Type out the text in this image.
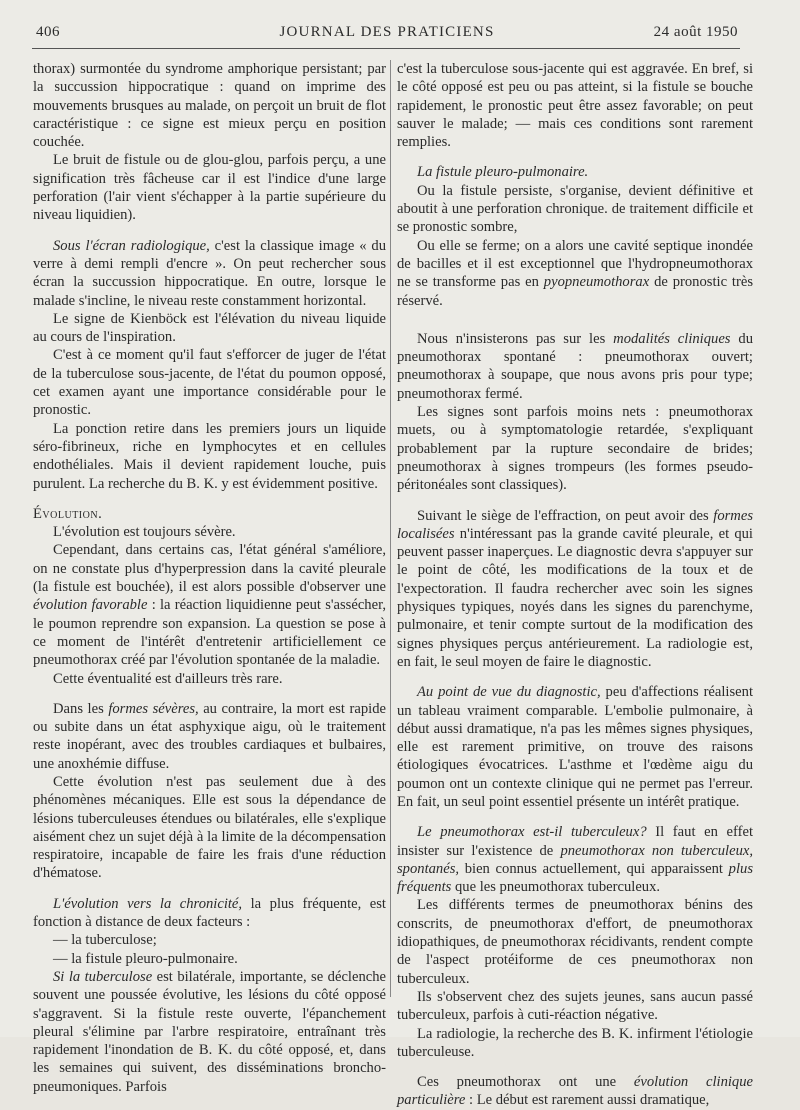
406	JOURNAL DES PRATICIENS	24 août 1950

thorax) surmontée du syndrome amphorique persistant; par la succussion hippocratique : quand on imprime des mouvements brusques au malade, on perçoit un bruit de flot caractéristique : ce signe est mieux perçu en position couchée.

Le bruit de fistule ou de glou-glou, parfois perçu, a une signification très fâcheuse car il est l'indice d'une large perforation (l'air vient s'échapper à la partie supérieure du niveau liquidien).

Sous l'écran radiologique, c'est la classique image « du verre à demi rempli d'encre ». On peut rechercher sous écran la succussion hippocratique. En outre, lorsque le malade s'incline, le niveau reste constamment horizontal.

Le signe de Kienböck est l'élévation du niveau liquide au cours de l'inspiration.

C'est à ce moment qu'il faut s'efforcer de juger de l'état de la tuberculose sous-jacente, de l'état du poumon opposé, cet examen ayant une importance considérable pour le pronostic.

La ponction retire dans les premiers jours un liquide séro-fibrineux, riche en lymphocytes et en cellules endothéliales. Mais il devient rapidement louche, puis purulent. La recherche du B. K. y est évidemment positive.

Évolution.

L'évolution est toujours sévère.

Cependant, dans certains cas, l'état général s'améliore, on ne constate plus d'hyperpression dans la cavité pleurale (la fistule est bouchée), il est alors possible d'observer une évolution favorable : la réaction liquidienne peut s'assécher, le poumon reprendre son expansion. La question se pose à ce moment de l'intérêt d'entretenir artificiellement ce pneumothorax créé par l'évolution spontanée de la maladie.

Cette éventualité est d'ailleurs très rare.

Dans les formes sévères, au contraire, la mort est rapide ou subite dans un état asphyxique aigu, où le traitement reste inopérant, avec des troubles cardiaques et bulbaires, une anoxhémie diffuse.

Cette évolution n'est pas seulement due à des phénomènes mécaniques. Elle est sous la dépendance de lésions tuberculeuses étendues ou bilatérales, elle s'explique aisément chez un sujet déjà à la limite de la décompensation respiratoire, incapable de faire les frais d'une réduction d'hématose.

L'évolution vers la chronicité, la plus fréquente, est fonction à distance de deux facteurs :

— la tuberculose;

— la fistule pleuro-pulmonaire.

Si la tuberculose est bilatérale, importante, se déclenche souvent une poussée évolutive, les lésions du côté opposé s'aggravent. Si la fistule reste ouverte, l'épanchement pleural s'élimine par l'arbre respiratoire, entraînant très rapidement l'inondation de B. K. du côté opposé, et, dans les semaines qui suivent, des disséminations broncho-pneumoniques. Parfois

c'est la tuberculose sous-jacente qui est aggravée. En bref, si le côté opposé est peu ou pas atteint, si la fistule se bouche rapidement, le pronostic peut être assez favorable; on peut sauver le malade; — mais ces conditions sont rarement remplies.

La fistule pleuro-pulmonaire.

Ou la fistule persiste, s'organise, devient définitive et aboutit à une perforation chronique. de traitement difficile et se pronostic sombre,

Ou elle se ferme; on a alors une cavité septique inondée de bacilles et il est exceptionnel que l'hydropneumothorax ne se transforme pas en pyopneumothorax de pronostic très réservé.

Nous n'insisterons pas sur les modalités cliniques du pneumothorax spontané : pneumothorax ouvert; pneumothorax à soupape, que nous avons pris pour type; pneumothorax fermé.

Les signes sont parfois moins nets : pneumothorax muets, ou à symptomatologie retardée, s'expliquant probablement par la rupture secondaire de brides; pneumothorax à signes trompeurs (les formes pseudo-péritonéales sont classiques).

Suivant le siège de l'effraction, on peut avoir des formes localisées n'intéressant pas la grande cavité pleurale, et qui peuvent passer inaperçues. Le diagnostic devra s'appuyer sur le point de côté, les modifications de la toux et de l'expectoration. Il faudra rechercher avec soin les signes physiques typiques, noyés dans les signes du parenchyme, pulmonaire, et tenir compte surtout de la modification des signes physiques perçus antérieurement. La radiologie est, en fait, le seul moyen de faire le diagnostic.

Au point de vue du diagnostic, peu d'affections réalisent un tableau vraiment comparable. L'embolie pulmonaire, à début aussi dramatique, n'a pas les mêmes signes physiques, elle est rarement primitive, on trouve des raisons étiologiques évocatrices. L'asthme et l'œdème aigu du poumon ont un contexte clinique qui ne permet pas l'erreur. En fait, un seul point essentiel présente un intérêt pratique.

Le pneumothorax est-il tuberculeux? Il faut en effet insister sur l'existence de pneumothorax non tuberculeux, spontanés, bien connus actuellement, qui apparaissent plus fréquents que les pneumothorax tuberculeux.

Les différents termes de pneumothorax bénins des conscrits, de pneumothorax d'effort, de pneumothorax idiopathiques, de pneumothorax récidivants, rendent compte de l'aspect protéiforme de ces pneumothorax non tuberculeux.

Ils s'observent chez des sujets jeunes, sans aucun passé tuberculeux, parfois à cuti-réaction négative.

La radiologie, la recherche des B. K. infirment l'étiologie tuberculeuse.

Ces pneumothorax ont une évolution clinique particulière : Le début est rarement aussi dramatique,
